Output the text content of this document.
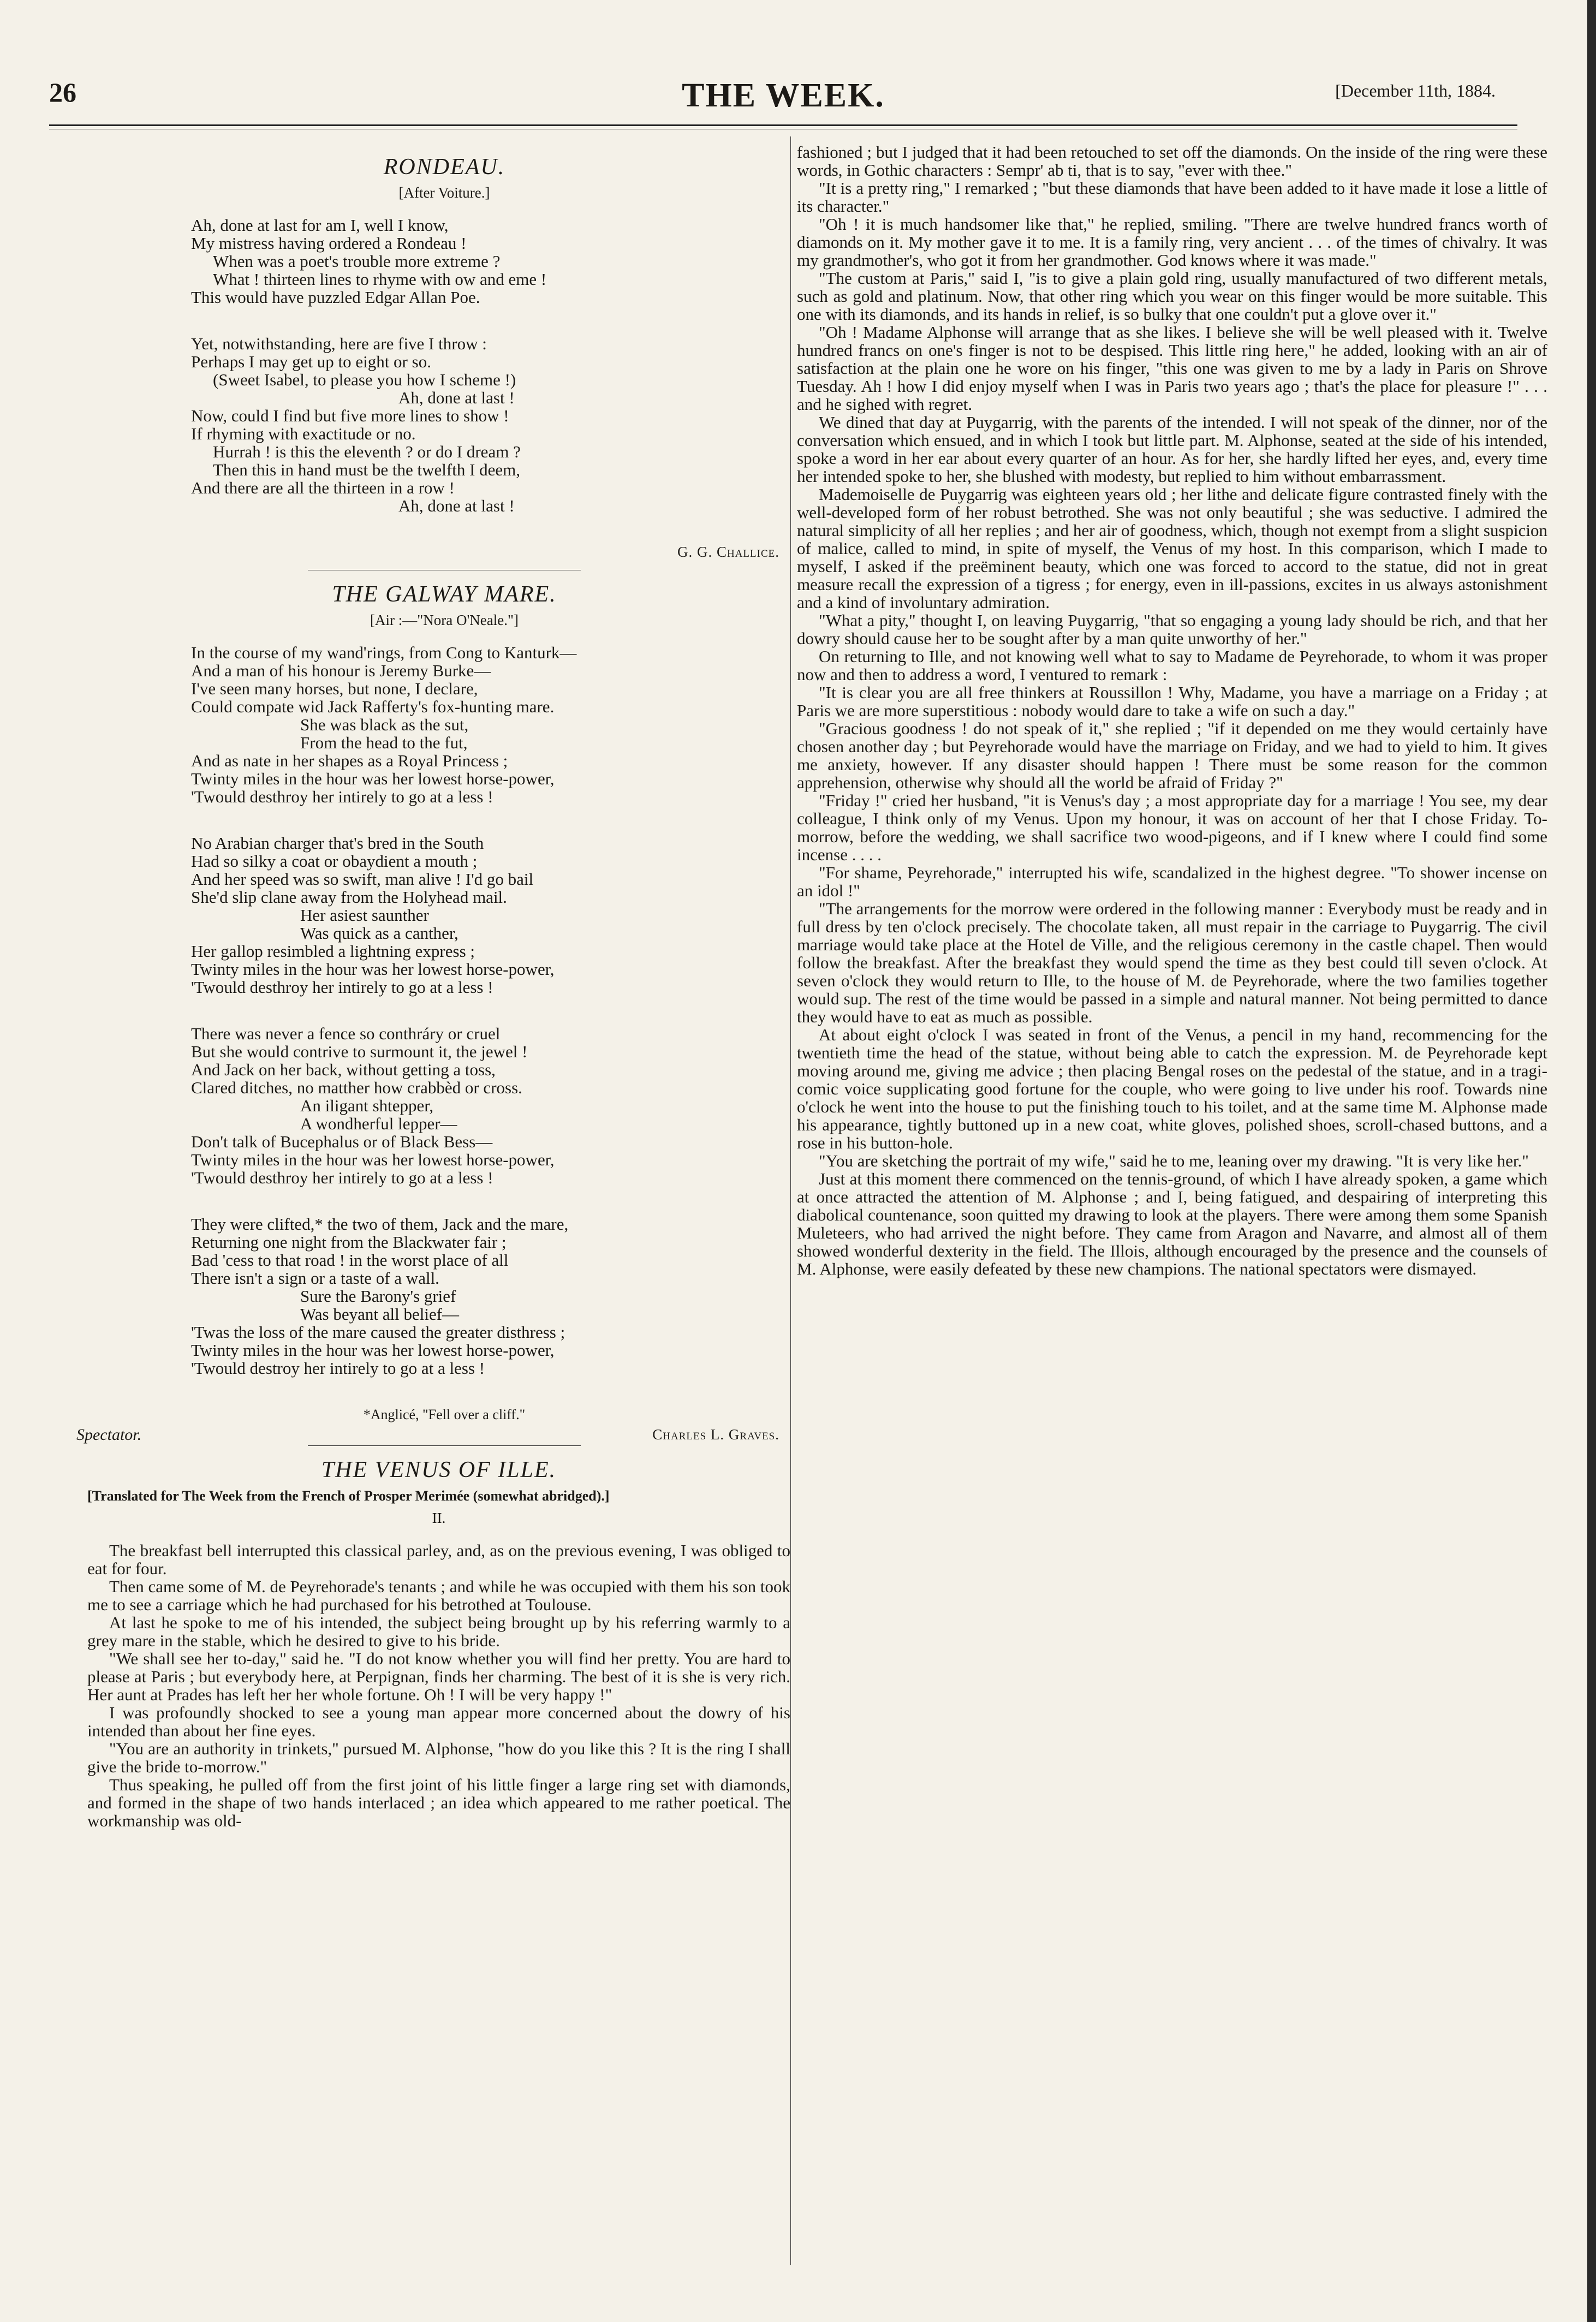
26	THE WEEK.	[December 11th, 1884.
RONDEAU.
[After Voiture.]
Ah, done at last for am I, well I know,
My mistress having ordered a Rondeau !
When was a poet's trouble more extreme ?
What ! thirteen lines to rhyme with ow and eme !
This would have puzzled Edgar Allan Poe.
Yet, notwithstanding, here are five I throw :
Perhaps I may get up to eight or so.
(Sweet Isabel, to please you how I scheme !)
Ah, done at last !
Now, could I find but five more lines to show !
If rhyming with exactitude or no.
Hurrah ! is this the eleventh ? or do I dream ?
Then this in hand must be the twelfth I deem,
And there are all the thirteen in a row !
Ah, done at last !
G. G. Challice.
THE GALWAY MARE.
[Air :—"Nora O'Neale."]
In the course of my wand'rings, from Cong to Kanturk—
And a man of his honour is Jeremy Burke—
I've seen many horses, but none, I declare,
Could compate wid Jack Rafferty's fox-hunting mare.
She was black as the sut,
From the head to the fut,
And as nate in her shapes as a Royal Princess ;
Twinty miles in the hour was her lowest horse-power,
'Twould desthroy her intirely to go at a less !
No Arabian charger that's bred in the South
Had so silky a coat or obaydient a mouth ;
And her speed was so swift, man alive ! I'd go bail
She'd slip clane away from the Holyhead mail.
Her asiest saunther
Was quick as a canther,
Her gallop resimbled a lightning express ;
Twinty miles in the hour was her lowest horse-power,
'Twould desthroy her intirely to go at a less !
There was never a fence so conthráry or cruel
But she would contrive to surmount it, the jewel !
And Jack on her back, without getting a toss,
Clared ditches, no matther how crabbèd or cross.
An iligant shtepper,
A wondherful lepper—
Don't talk of Bucephalus or of Black Bess—
Twinty miles in the hour was her lowest horse-power,
'Twould desthroy her intirely to go at a less !
They were clifted,* the two of them, Jack and the mare,
Returning one night from the Blackwater fair ;
Bad 'cess to that road ! in the worst place of all
There isn't a sign or a taste of a wall.
Sure the Barony's grief
Was beyant all belief—
'Twas the loss of the mare caused the greater disthress ;
Twinty miles in the hour was her lowest horse-power,
'Twould destroy her intirely to go at a less !
*Anglicé, "Fell over a cliff."
Spectator.	Charles L. Graves.
THE VENUS OF ILLE.
[Translated for The Week from the French of Prosper Merimée (somewhat abridged).]
II.

The breakfast bell interrupted this classical parley, and, as on the previous evening, I was obliged to eat for four.

Then came some of M. de Peyrehorade's tenants ; and while he was occupied with them his son took me to see a carriage which he had purchased for his betrothed at Toulouse.

At last he spoke to me of his intended, the subject being brought up by his referring warmly to a grey mare in the stable, which he desired to give to his bride.

"We shall see her to-day," said he. "I do not know whether you will find her pretty. You are hard to please at Paris ; but everybody here, at Perpignan, finds her charming. The best of it is she is very rich. Her aunt at Prades has left her her whole fortune. Oh ! I will be very happy !"

I was profoundly shocked to see a young man appear more concerned about the dowry of his intended than about her fine eyes.

"You are an authority in trinkets," pursued M. Alphonse, "how do you like this ? It is the ring I shall give the bride to-morrow."

Thus speaking, he pulled off from the first joint of his little finger a large ring set with diamonds, and formed in the shape of two hands interlaced ; an idea which appeared to me rather poetical. The workmanship was old-

fashioned ; but I judged that it had been retouched to set off the diamonds. On the inside of the ring were these words, in Gothic characters : Sempr' ab ti, that is to say, "ever with thee."

"It is a pretty ring," I remarked ; "but these diamonds that have been added to it have made it lose a little of its character."

"Oh ! it is much handsomer like that," he replied, smiling. "There are twelve hundred francs worth of diamonds on it. My mother gave it to me. It is a family ring, very ancient . . . of the times of chivalry. It was my grandmother's, who got it from her grandmother. God knows where it was made."

"The custom at Paris," said I, "is to give a plain gold ring, usually manufactured of two different metals, such as gold and platinum. Now, that other ring which you wear on this finger would be more suitable. This one with its diamonds, and its hands in relief, is so bulky that one couldn't put a glove over it."

"Oh ! Madame Alphonse will arrange that as she likes. I believe she will be well pleased with it. Twelve hundred francs on one's finger is not to be despised. This little ring here," he added, looking with an air of satisfaction at the plain one he wore on his finger, "this one was given to me by a lady in Paris on Shrove Tuesday. Ah ! how I did enjoy myself when I was in Paris two years ago ; that's the place for pleasure !" . . . and he sighed with regret.

We dined that day at Puygarrig, with the parents of the intended. I will not speak of the dinner, nor of the conversation which ensued, and in which I took but little part. M. Alphonse, seated at the side of his intended, spoke a word in her ear about every quarter of an hour. As for her, she hardly lifted her eyes, and, every time her intended spoke to her, she blushed with modesty, but replied to him without embarrassment.

Mademoiselle de Puygarrig was eighteen years old ; her lithe and delicate figure contrasted finely with the well-developed form of her robust betrothed. She was not only beautiful ; she was seductive. I admired the natural simplicity of all her replies ; and her air of goodness, which, though not exempt from a slight suspicion of malice, called to mind, in spite of myself, the Venus of my host. In this comparison, which I made to myself, I asked if the preëminent beauty, which one was forced to accord to the statue, did not in great measure recall the expression of a tigress ; for energy, even in ill-passions, excites in us always astonishment and a kind of involuntary admiration.

"What a pity," thought I, on leaving Puygarrig, "that so engaging a young lady should be rich, and that her dowry should cause her to be sought after by a man quite unworthy of her."

On returning to Ille, and not knowing well what to say to Madame de Peyrehorade, to whom it was proper now and then to address a word, I ventured to remark :

"It is clear you are all free thinkers at Roussillon ! Why, Madame, you have a marriage on a Friday ; at Paris we are more superstitious : nobody would dare to take a wife on such a day."

"Gracious goodness ! do not speak of it," she replied ; "if it depended on me they would certainly have chosen another day ; but Peyrehorade would have the marriage on Friday, and we had to yield to him. It gives me anxiety, however. If any disaster should happen ! There must be some reason for the common apprehension, otherwise why should all the world be afraid of Friday ?"

"Friday !" cried her husband, "it is Venus's day ; a most appropriate day for a marriage ! You see, my dear colleague, I think only of my Venus. Upon my honour, it was on account of her that I chose Friday. To-morrow, before the wedding, we shall sacrifice two wood-pigeons, and if I knew where I could find some incense . . . .

"For shame, Peyrehorade," interrupted his wife, scandalized in the highest degree. "To shower incense on an idol !"

"The arrangements for the morrow were ordered in the following manner : Everybody must be ready and in full dress by ten o'clock precisely. The chocolate taken, all must repair in the carriage to Puygarrig. The civil marriage would take place at the Hotel de Ville, and the religious ceremony in the castle chapel. Then would follow the breakfast. After the breakfast they would spend the time as they best could till seven o'clock. At seven o'clock they would return to Ille, to the house of M. de Peyrehorade, where the two families together would sup. The rest of the time would be passed in a simple and natural manner. Not being permitted to dance they would have to eat as much as possible.

At about eight o'clock I was seated in front of the Venus, a pencil in my hand, recommencing for the twentieth time the head of the statue, without being able to catch the expression. M. de Peyrehorade kept moving around me, giving me advice ; then placing Bengal roses on the pedestal of the statue, and in a tragi-comic voice supplicating good fortune for the couple, who were going to live under his roof. Towards nine o'clock he went into the house to put the finishing touch to his toilet, and at the same time M. Alphonse made his appearance, tightly buttoned up in a new coat, white gloves, polished shoes, scroll-chased buttons, and a rose in his button-hole.

"You are sketching the portrait of my wife," said he to me, leaning over my drawing. "It is very like her."

Just at this moment there commenced on the tennis-ground, of which I have already spoken, a game which at once attracted the attention of M. Alphonse ; and I, being fatigued, and despairing of interpreting this diabolical countenance, soon quitted my drawing to look at the players. There were among them some Spanish Muleteers, who had arrived the night before. They came from Aragon and Navarre, and almost all of them showed wonderful dexterity in the field. The Illois, although encouraged by the presence and the counsels of M. Alphonse, were easily defeated by these new champions. The national spectators were dismayed.
